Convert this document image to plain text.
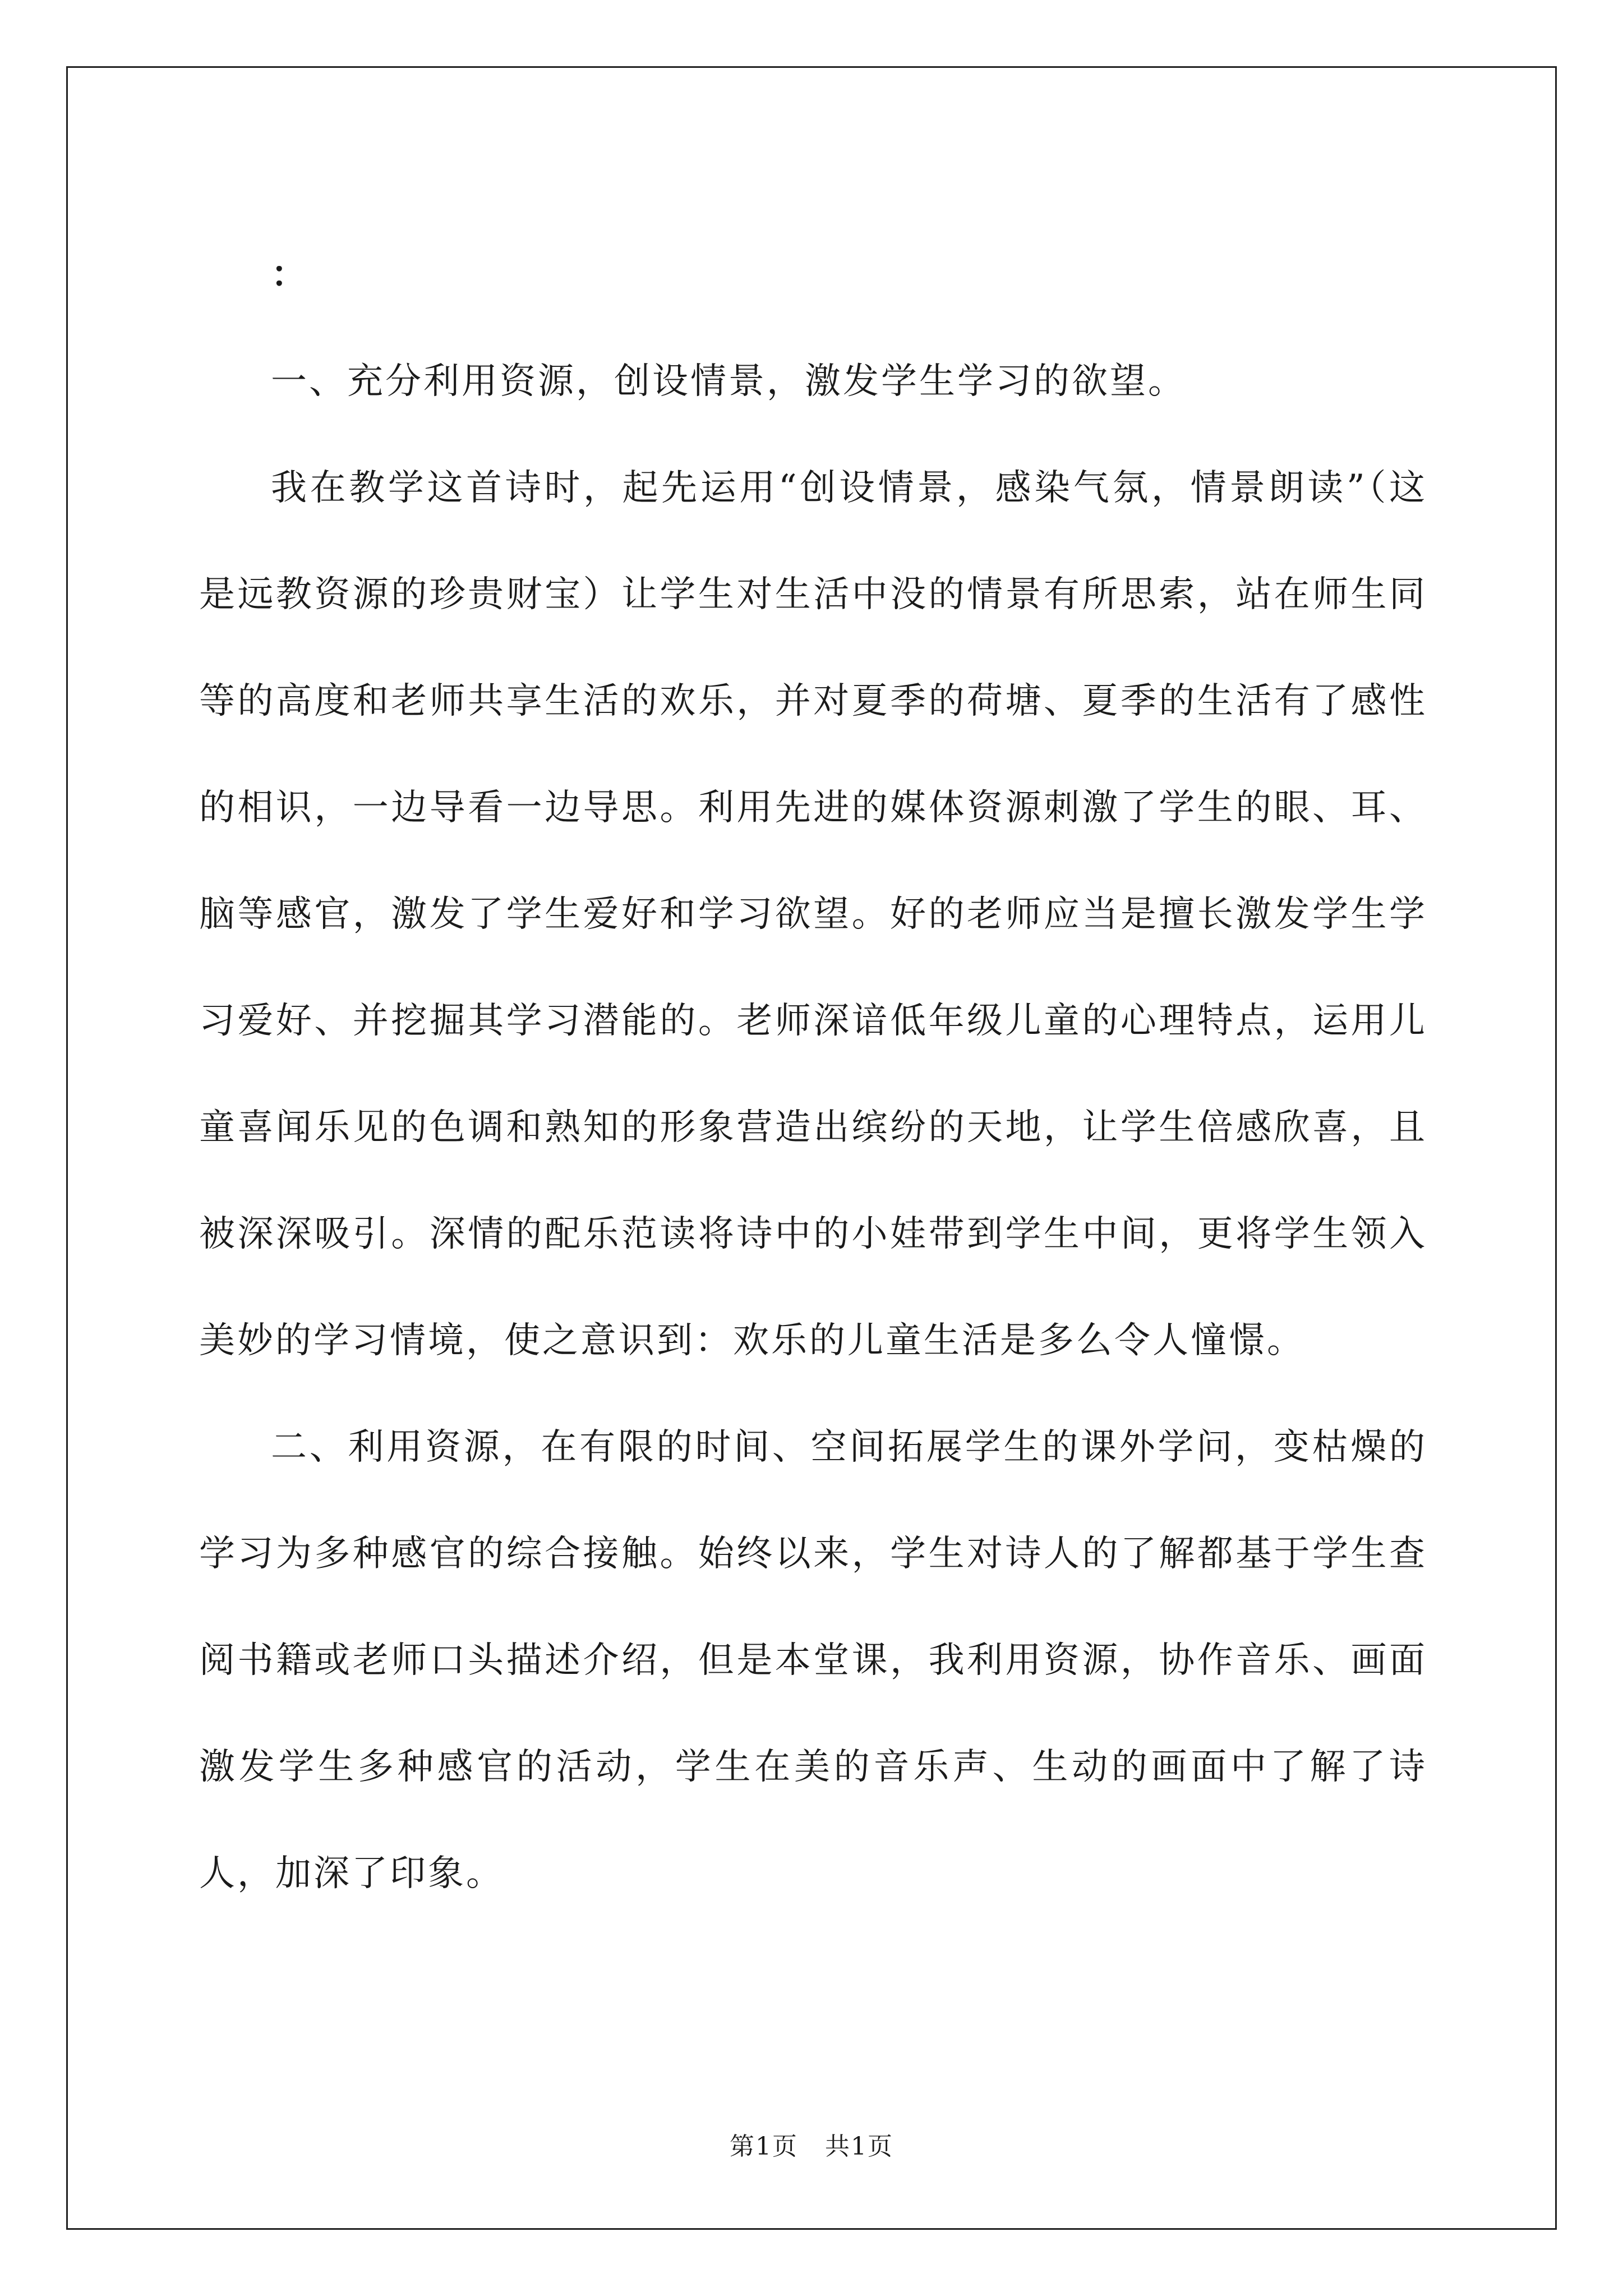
：

一、充分利用资源，创设情景，激发学生学习的欲望。

我在教学这首诗时，起先运用“创设情景，感染气氛，情景朗读”（这是远教资源的珍贵财宝）让学生对生活中没的情景有所思索，站在师生同等的高度和老师共享生活的欢乐，并对夏季的荷塘、夏季的生活有了感性的相识，一边导看一边导思。利用先进的媒体资源刺激了学生的眼、耳、脑等感官，激发了学生爱好和学习欲望。好的老师应当是擅长激发学生学习爱好、并挖掘其学习潜能的。老师深谙低年级儿童的心理特点，运用儿童喜闻乐见的色调和熟知的形象营造出缤纷的天地，让学生倍感欣喜，且被深深吸引。深情的配乐范读将诗中的小娃带到学生中间，更将学生领入美妙的学习情境，使之意识到：欢乐的儿童生活是多么令人憧憬。

二、利用资源，在有限的时间、空间拓展学生的课外学问，变枯燥的学习为多种感官的综合接触。始终以来，学生对诗人的了解都基于学生查阅书籍或老师口头描述介绍，但是本堂课，我利用资源，协作音乐、画面激发学生多种感官的活动，学生在美的音乐声、生动的画面中了解了诗人，加深了印象。

第1页 共1页
